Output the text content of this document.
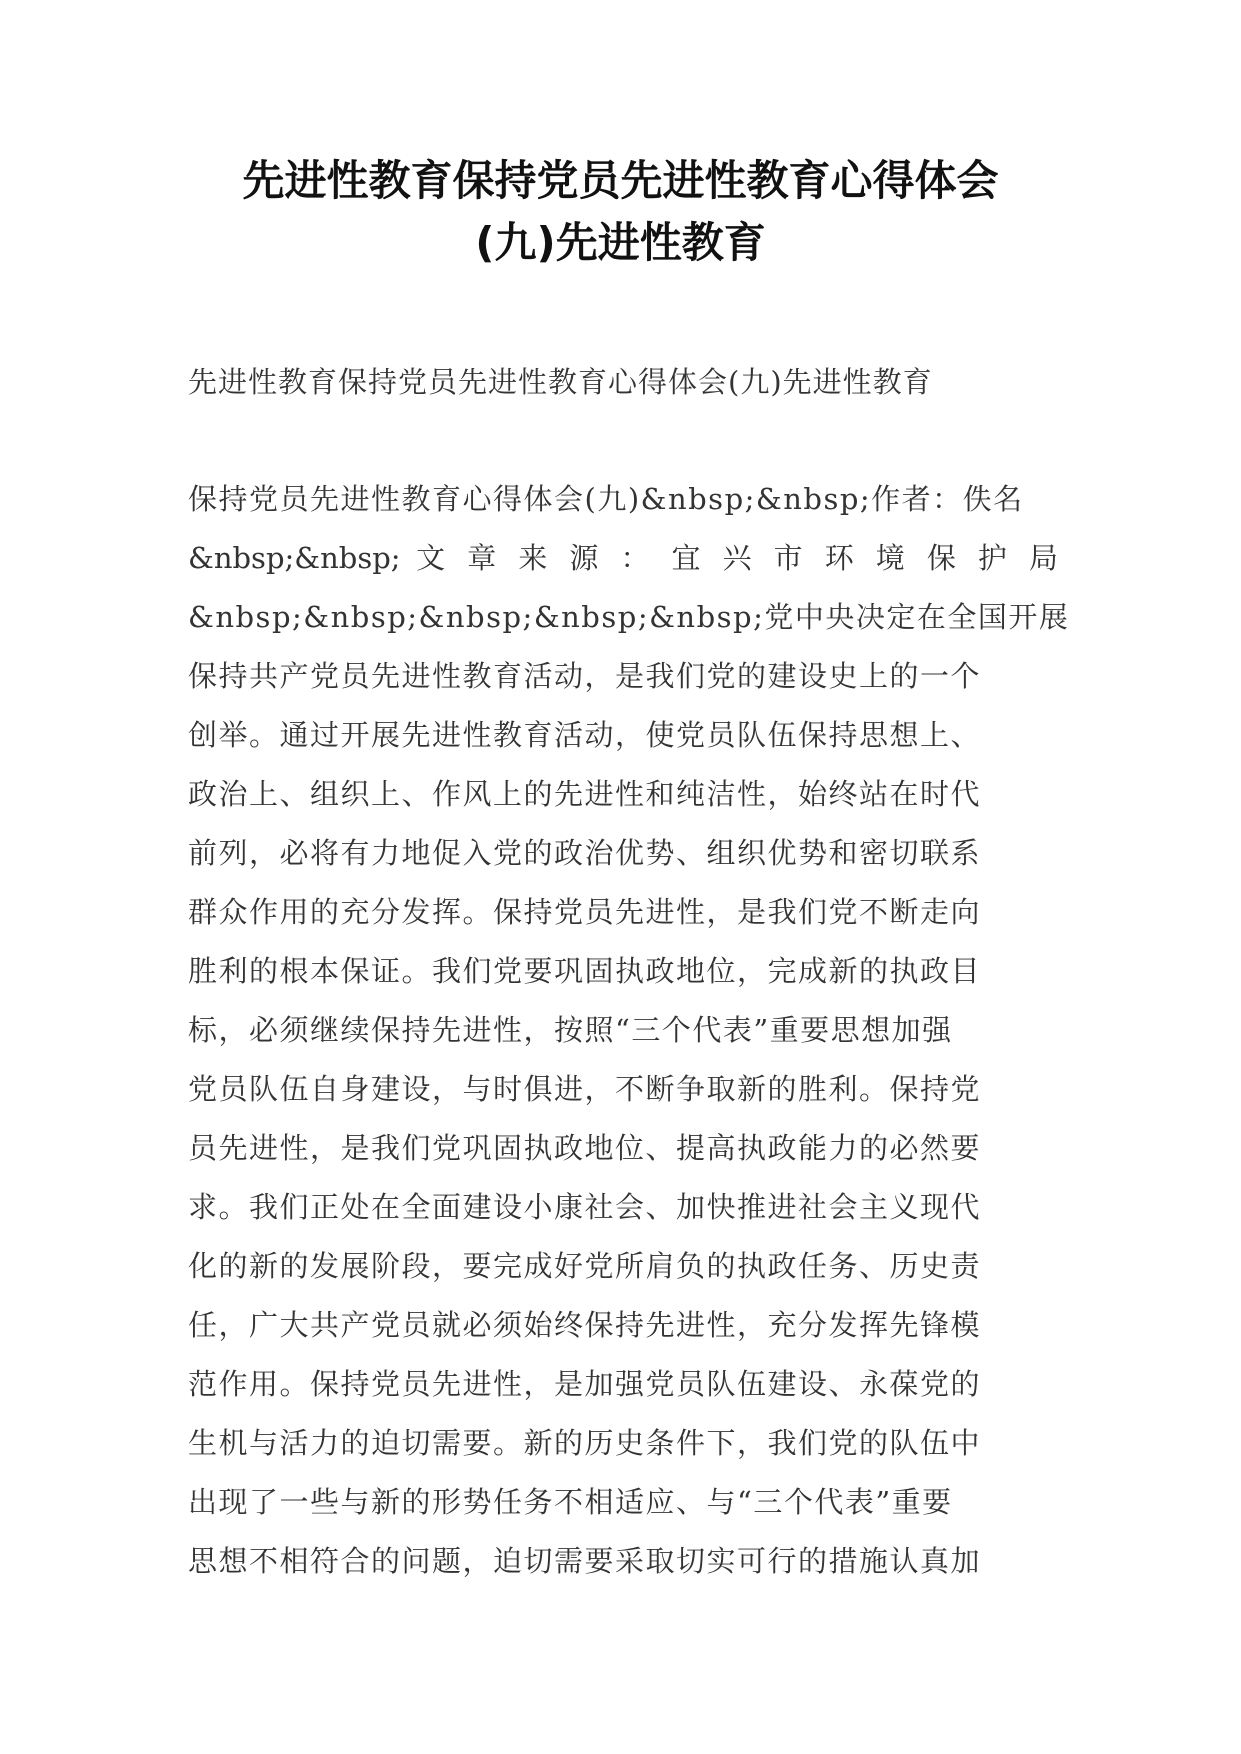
先进性教育保持党员先进性教育心得体会
(九)先进性教育
先进性教育保持党员先进性教育心得体会(九)先进性教育
保持党员先进性教育心得体会(九)&nbsp;&nbsp;作者：佚名
&nbsp;&nbsp; 文 章 来 源 ： 宜 兴 市 环 境 保 护 局
&nbsp;&nbsp;&nbsp;&nbsp;&nbsp;党中央决定在全国开展
保持共产党员先进性教育活动，是我们党的建设史上的一个
创举。通过开展先进性教育活动，使党员队伍保持思想上、
政治上、组织上、作风上的先进性和纯洁性，始终站在时代
前列，必将有力地促入党的政治优势、组织优势和密切联系
群众作用的充分发挥。保持党员先进性，是我们党不断走向
胜利的根本保证。我们党要巩固执政地位，完成新的执政目
标，必须继续保持先进性，按照“三个代表”重要思想加强
党员队伍自身建设，与时俱进，不断争取新的胜利。保持党
员先进性，是我们党巩固执政地位、提高执政能力的必然要
求。我们正处在全面建设小康社会、加快推进社会主义现代
化的新的发展阶段，要完成好党所肩负的执政任务、历史责
任，广大共产党员就必须始终保持先进性，充分发挥先锋模
范作用。保持党员先进性，是加强党员队伍建设、永葆党的
生机与活力的迫切需要。新的历史条件下，我们党的队伍中
出现了一些与新的形势任务不相适应、与“三个代表”重要
思想不相符合的问题，迫切需要采取切实可行的措施认真加
